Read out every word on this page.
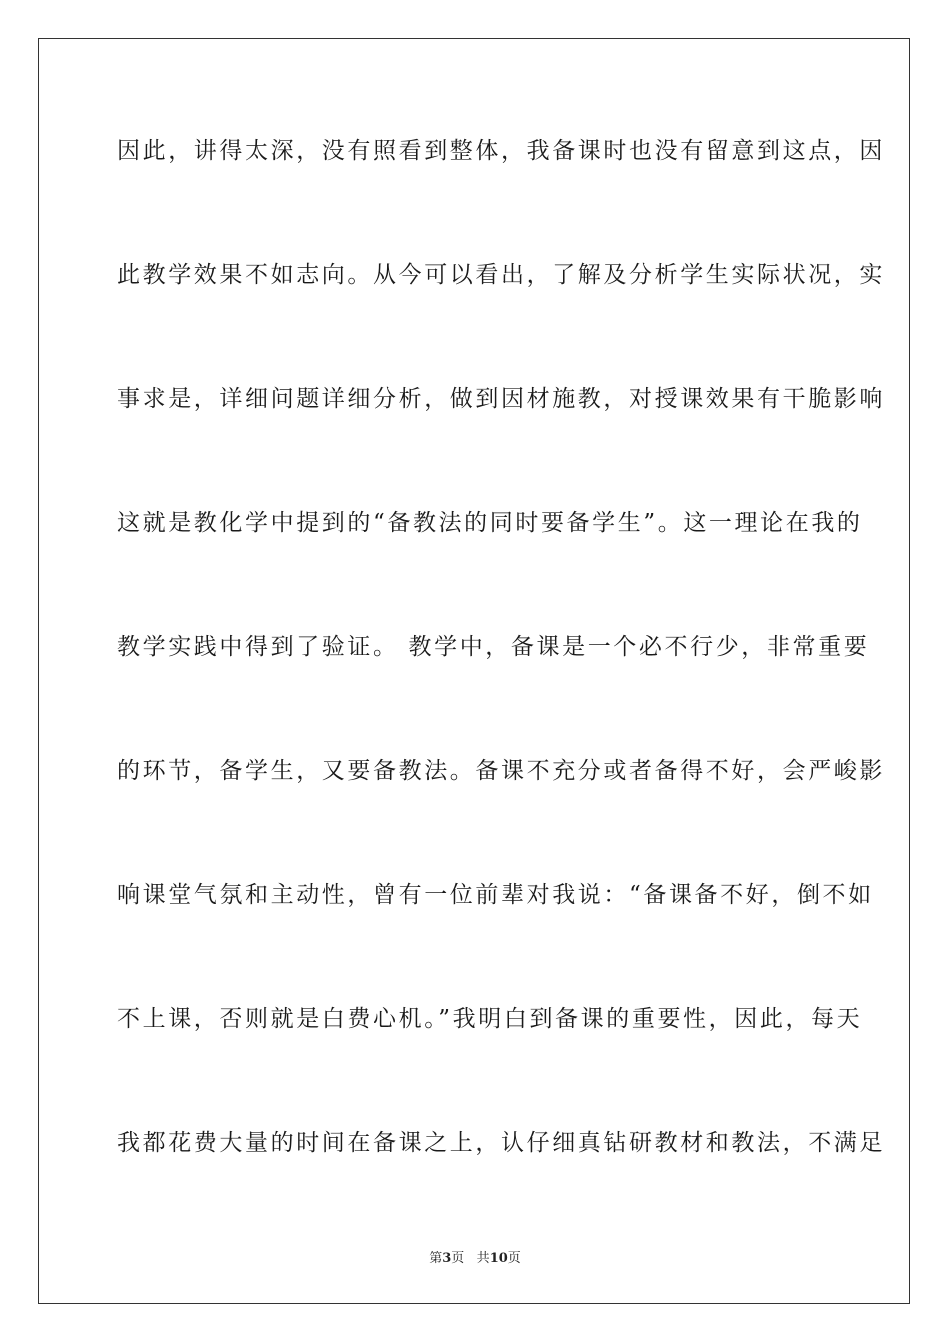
因此，讲得太深，没有照看到整体，我备课时也没有留意到这点，因
此教学效果不如志向。从今可以看出，了解及分析学生实际状况，实
事求是，详细问题详细分析，做到因材施教，对授课效果有干脆影响
这就是教化学中提到的“备教法的同时要备学生”。这一理论在我的
教学实践中得到了验证。 教学中，备课是一个必不行少，非常重要
的环节，备学生，又要备教法。备课不充分或者备得不好，会严峻影
响课堂气氛和主动性，曾有一位前辈对我说：“备课备不好，倒不如
不上课，否则就是白费心机。”我明白到备课的重要性，因此，每天
我都花费大量的时间在备课之上，认仔细真钻研教材和教法，不满足
第3页 共10页
